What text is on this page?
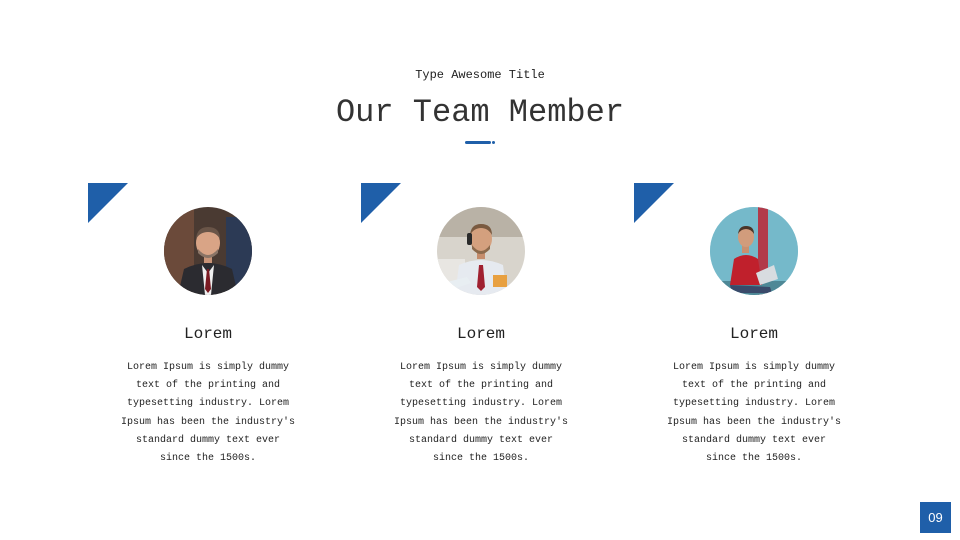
Type Awesome Title
Our Team Member
Lorem
Lorem Ipsum is simply dummy
text of the printing and
typesetting industry. Lorem
Ipsum has been the industry's
standard dummy text ever
since the 1500s.
Lorem
Lorem Ipsum is simply dummy
text of the printing and
typesetting industry. Lorem
Ipsum has been the industry's
standard dummy text ever
since the 1500s.
Lorem
Lorem Ipsum is simply dummy
text of the printing and
typesetting industry. Lorem
Ipsum has been the industry's
standard dummy text ever
since the 1500s.
09
